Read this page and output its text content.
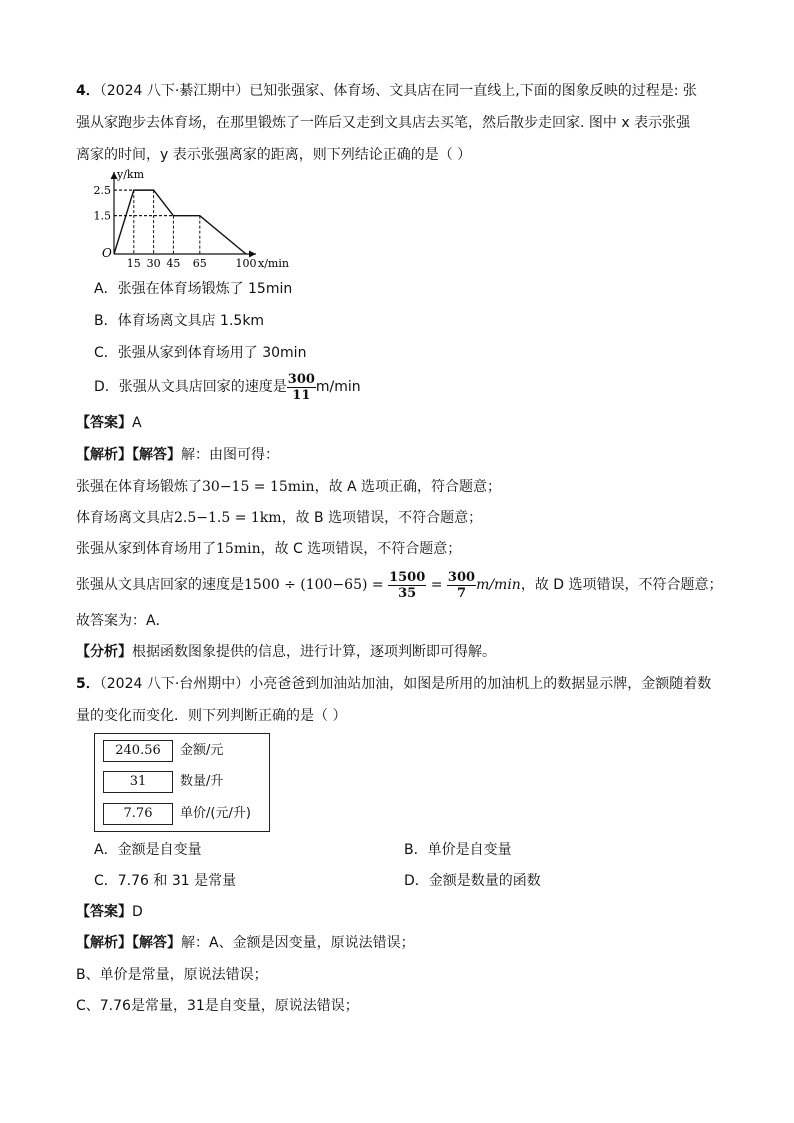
4．（2024 八下·綦江期中）已知张强家、体育场、文具店在同一直线上,下面的图象反映的过程是: 张
强从家跑步去体育场，在那里锻炼了一阵后又走到文具店去买笔，然后散步走回家. 图中 x 表示张强
离家的时间，y 表示张强离家的距离，则下列结论正确的是（ ）
15 30 45 65	100
2.5
1.5
O
x/min
y/km
A．张强在体育场锻炼了 15min
B．体育场离文具店 1.5km
C．张强从家到体育场用了 30min
D．张强从文具店回家的速度是 $\frac{300}{11} m/\min$
【答案】A
【解析】【解答】解：由图可得：
张强在体育场锻炼了30−15 = 15min，故 A 选项正确，符合题意；
体育场离文具店2.5−1.5 = 1km，故 B 选项错误，不符合题意；
张强从家到体育场用了15min，故 C 选项错误，不符合题意；
张强从文具店回家的速度是$1500 \div (100-65) = \frac{1500}{35} = \frac{300}{7} m/\min$，故 D 选项错误，不符合题意；
故答案为：A．
【分析】根据函数图象提供的信息，进行计算，逐项判断即可得解。
5．（2024 八下·台州期中）小亮爸爸到加油站加油，如图是所用的加油机上的数据显示牌，金额随着数
量的变化而变化．则下列判断正确的是（ ）
240.56	金额/元
31	数量/升
7.76	单价/(元/升)
A．金额是自变量	B．单价是自变量
C．7.76 和 31 是常量	D．金额是数量的函数
【答案】D
【解析】【解答】解：A、金额是因变量，原说法错误；
B、单价是常量，原说法错误；
C、7.76是常量，31是自变量，原说法错误；
